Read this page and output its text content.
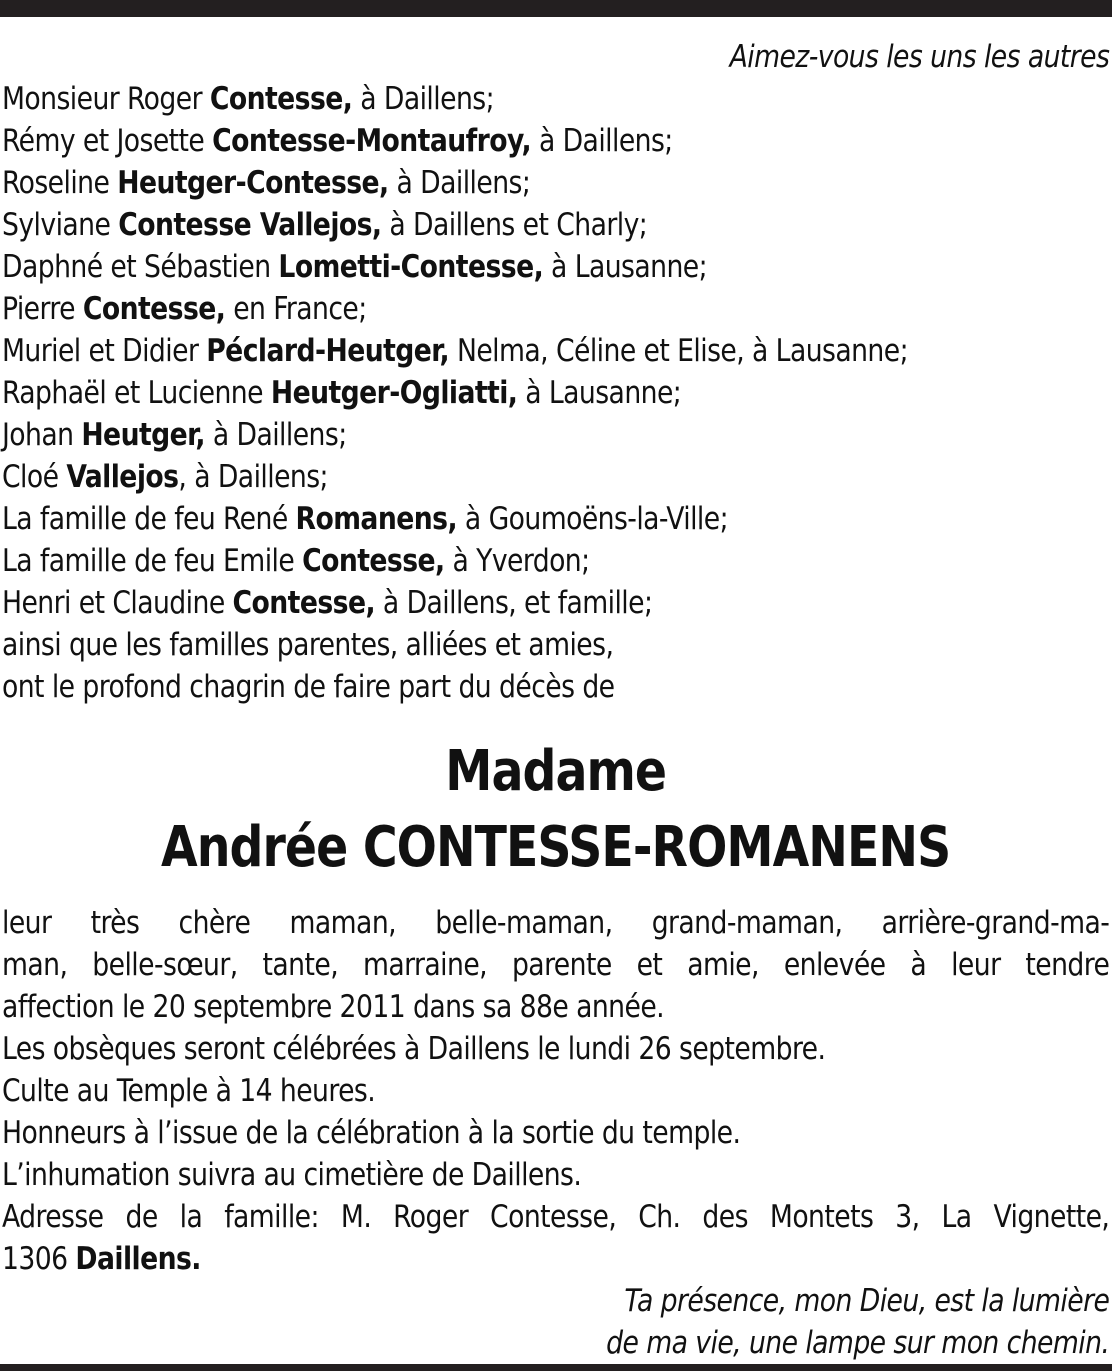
Aimez-vous les uns les autres
Monsieur Roger Contesse, à Daillens;
Rémy et Josette Contesse-Montaufroy, à Daillens;
Roseline Heutger-Contesse, à Daillens;
Sylviane Contesse Vallejos, à Daillens et Charly;
Daphné et Sébastien Lometti-Contesse, à Lausanne;
Pierre Contesse, en France;
Muriel et Didier Péclard-Heutger, Nelma, Céline et Elise, à Lausanne;
Raphaël et Lucienne Heutger-Ogliatti, à Lausanne;
Johan Heutger, à Daillens;
Cloé Vallejos, à Daillens;
La famille de feu René Romanens, à Goumoëns-la-Ville;
La famille de feu Emile Contesse, à Yverdon;
Henri et Claudine Contesse, à Daillens, et famille;
ainsi que les familles parentes, alliées et amies,
ont le profond chagrin de faire part du décès de
Madame
Andrée CONTESSE-ROMANENS
leur très chère maman, belle-maman, grand-maman, arrière-grand-ma-
man, belle-sœur, tante, marraine, parente et amie, enlevée à leur tendre
affection le 20 septembre 2011 dans sa 88e année.
Les obsèques seront célébrées à Daillens le lundi 26 septembre.
Culte au Temple à 14 heures.
Honneurs à l’issue de la célébration à la sortie du temple.
L’inhumation suivra au cimetière de Daillens.
Adresse de la famille: M. Roger Contesse, Ch. des Montets 3, La Vignette,
1306 Daillens.
Ta présence, mon Dieu, est la lumière
de ma vie, une lampe sur mon chemin.
